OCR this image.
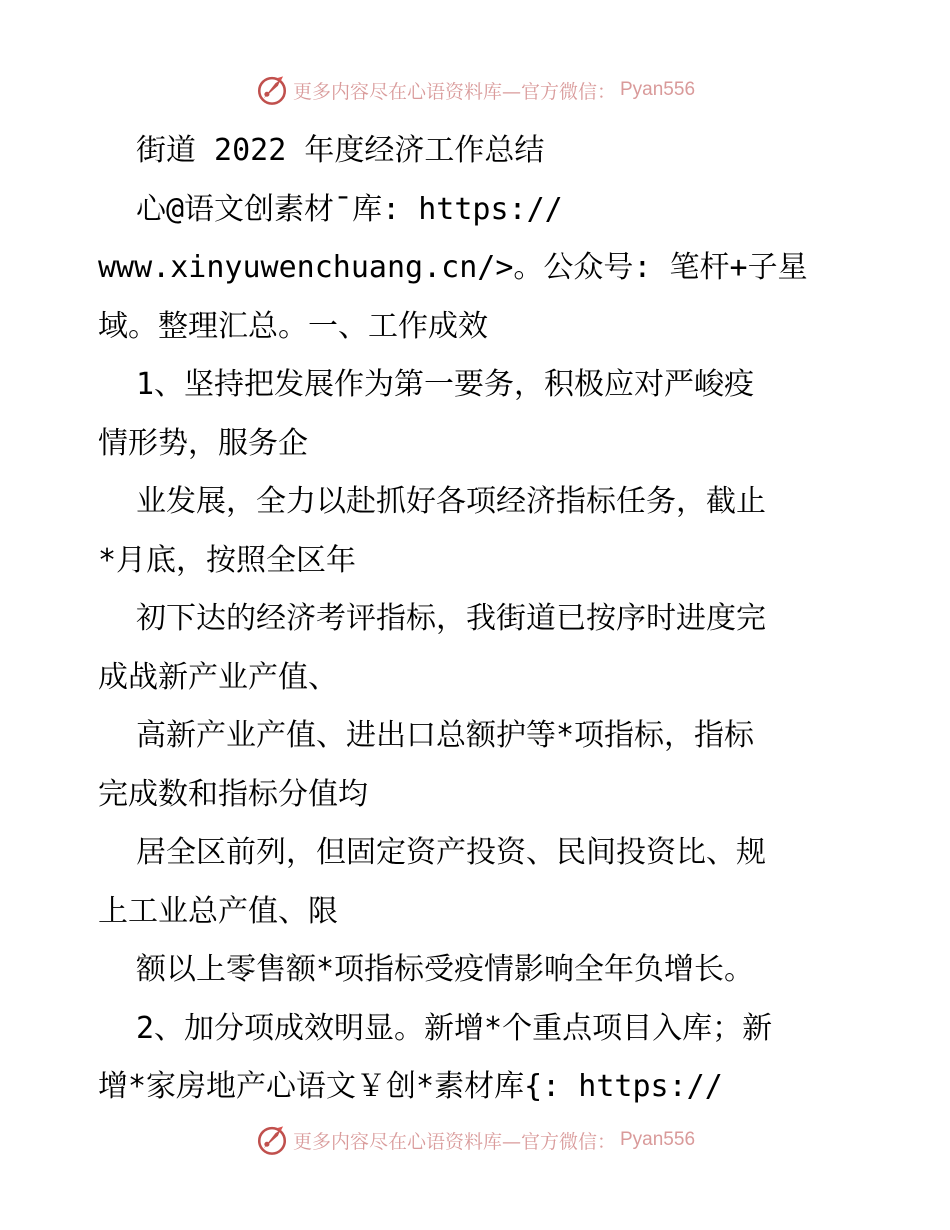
更多内容尽在心语资料库—官方微信： Pyan556
街道 2022 年度经济工作总结
心@语文创素材¯库: https://
www.xinyuwenchuang.cn/>。公众号: 笔杆+子星
域。整理汇总。一、工作成效
1、坚持把发展作为第一要务，积极应对严峻疫
情形势，服务企
业发展，全力以赴抓好各项经济指标任务，截止
*月底，按照全区年
初下达的经济考评指标，我街道已按序时进度完
成战新产业产值、
高新产业产值、进出口总额护等*项指标，指标
完成数和指标分值均
居全区前列，但固定资产投资、民间投资比、规
上工业总产值、限
额以上零售额*项指标受疫情影响全年负增长。
2、加分项成效明显。新增*个重点项目入库；新
增*家房地产心语文￥创*素材库{: https://
更多内容尽在心语资料库—官方微信： Pyan556
